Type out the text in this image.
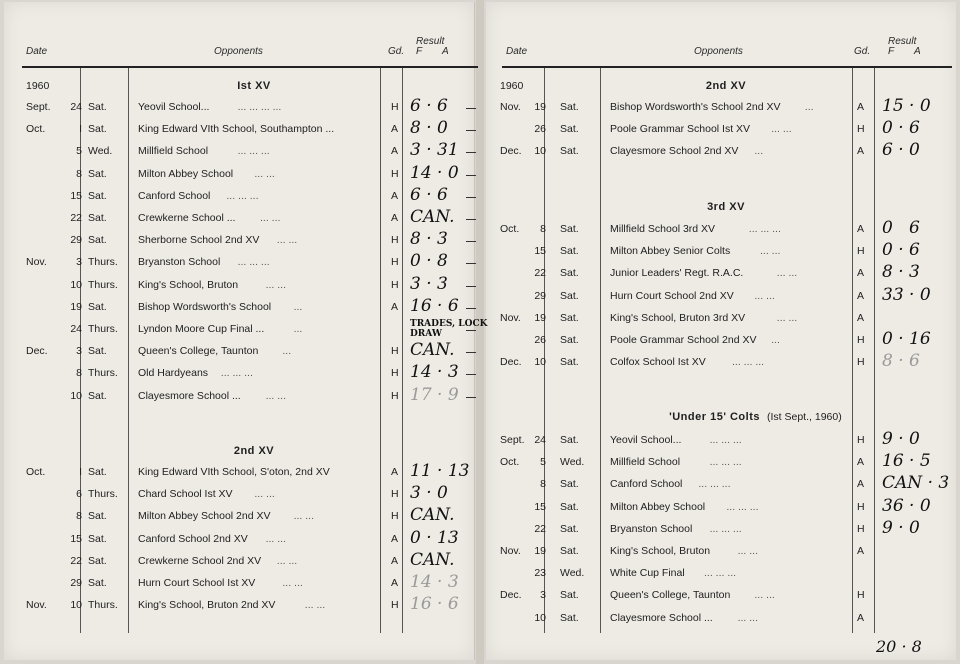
Date	Opponents	Gd.
Result
F A
1960	Ist XV
Sept.	24 Sat.	Yeovil School...	... ... ... ...	H 6 · 6
Oct.	I Sat.	King Edward VIth School, Southampton ...	A 8 · 0
5 Wed. Millfield School	... ... ...	A 3 · 31
8 Sat.	Milton Abbey School ... ...	H 14 · 0
15 Sat.	Canford School ... ... ...	A 6 · 6
22 Sat.	Crewkerne School ... ... ...	A CAN.
29 Sat.	Sherborne School 2nd XV ... ...	H 8 · 3
Nov.	3 Thurs. Bryanston School ... ... ...	H 0 · 8
10 Thurs. King's School, Bruton	... ...	H 3 · 3
19 Sat.	Bishop Wordsworth's School ...	A 16 · 6
24 Thurs. Lyndon Moore Cup Final ...	...	TRADES, LOCK
DRAW
Dec.	3 Sat.	Queen's College, Taunton ...	H CAN.
8 Thurs. Old Hardyeans ... ... ...	H 14 · 3
10 Sat.	Clayesmore School ... ... ...	H 17 · 9
2nd XV
Oct.	I Sat.	King Edward VIth School, S'oton, 2nd XV	A 11 · 13
6 Thurs. Chard School Ist XV ... ...	H 3 · 0
8 Sat.	Milton Abbey School 2nd XV ... ...	H CAN.
15 Sat.	Canford School 2nd XV ... ...	A 0 · 13
22 Sat.	Crewkerne School 2nd XV ... ...	A CAN.
29 Sat.	Hurn Court School Ist XV	... ...	A 14 · 3
Nov.	10 Thurs. King's School, Bruton 2nd XV	... ...	H 16 · 6
Date	Opponents	Gd.
Result
F A
1960	2nd XV
Nov.	19 Sat.	Bishop Wordsworth's School 2nd XV ...	A 15 · 0
26 Sat.	Poole Grammar School Ist XV ... ...	H 0 · 6
Dec.	10 Sat.	Clayesmore School 2nd XV ...	A 6 · 0
3rd XV
Oct.	8 Sat.	Millfield School 3rd XV	... ... ...	A 0   6
15 Sat.	Milton Abbey Senior Colts	... ...	H 0 · 6
22 Sat.	Junior Leaders' Regt. R.A.C.	... ...	A 8 · 3
29 Sat.	Hurn Court School 2nd XV ... ...	A 33 · 0
Nov.	19 Sat.	King's School, Bruton 3rd XV	... ...	A
26 Sat.	Poole Grammar School 2nd XV ...	H 0 · 16
Dec.	10 Sat.	Colfox School Ist XV	... ... ...	H 8 · 6
'Under 15' Colts (Ist Sept., 1960)
Sept. 24 Sat.	Yeovil School...	... ... ...	H 9 · 0
Oct.	5 Wed. Millfield School	... ... ...	A 16 · 5
8 Sat.	Canford School ... ... ...	A CAN · 3
15 Sat.	Milton Abbey School ... ... ...	H 36 · 0
22 Sat.	Bryanston School ... ... ...	H 9 · 0
Nov.	19 Sat.	King's School, Bruton	... ...	A
23 Wed. White Cup Final ... ... ...
Dec.	3 Sat.	Queen's College, Taunton ... ...	H
10 Sat.	Clayesmore School ... ... ...	A
20 · 8
